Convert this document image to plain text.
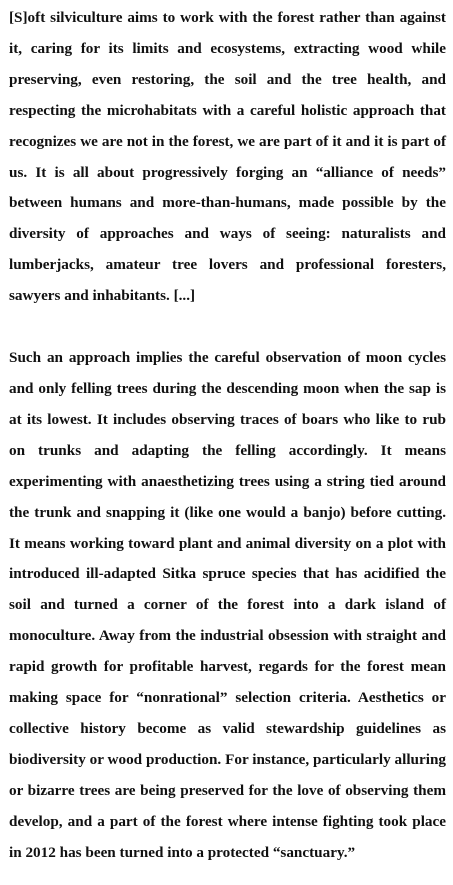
[S]oft silviculture aims to work with the forest rather than against it, caring for its limits and ecosystems, extracting wood while preserving, even restoring, the soil and the tree health, and respecting the microhabitats with a careful holistic approach that recognizes we are not in the forest, we are part of it and it is part of us. It is all about progressively forging an “alliance of needs” between humans and more-than-humans, made possible by the diversity of approaches and ways of seeing: naturalists and lumberjacks, amateur tree lovers and professional foresters, sawyers and inhabitants. [...]

Such an approach implies the careful observation of moon cycles and only felling trees during the descending moon when the sap is at its lowest. It includes observing traces of boars who like to rub on trunks and adapting the felling accordingly. It means experimenting with anaesthetizing trees using a string tied around the trunk and snapping it (like one would a banjo) before cutting. It means working toward plant and animal diversity on a plot with introduced ill-adapted Sitka spruce species that has acidified the soil and turned a corner of the forest into a dark island of monoculture. Away from the industrial obsession with straight and rapid growth for profitable harvest, regards for the forest mean making space for “nonrational” selection criteria. Aesthetics or collective history become as valid stewardship guidelines as biodiversity or wood production. For instance, particularly alluring or bizarre trees are being preserved for the love of observing them develop, and a part of the forest where intense fighting took place in 2012 has been turned into a protected “sanctuary.”
